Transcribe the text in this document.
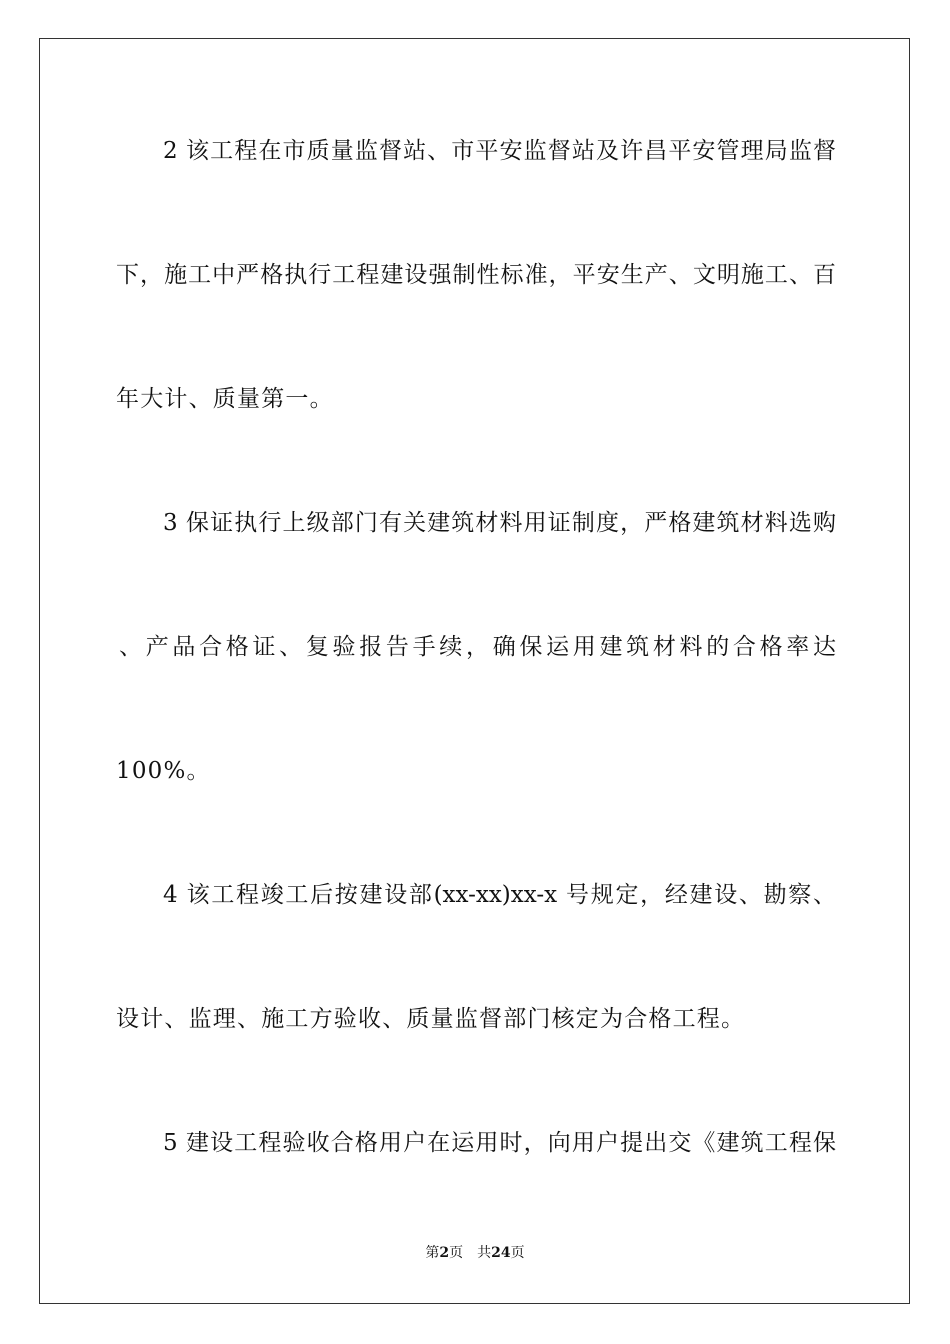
2 该工程在市质量监督站、市平安监督站及许昌平安管理局监督
下，施工中严格执行工程建设强制性标准，平安生产、文明施工、百
年大计、质量第一。
3 保证执行上级部门有关建筑材料用证制度，严格建筑材料选购
、产品合格证、复验报告手续，确保运用建筑材料的合格率达
100%。
4 该工程竣工后按建设部(xx-xx)xx-x 号规定，经建设、勘察、
设计、监理、施工方验收、质量监督部门核定为合格工程。
5 建设工程验收合格用户在运用时，向用户提出交《建筑工程保
第2页 共24页
